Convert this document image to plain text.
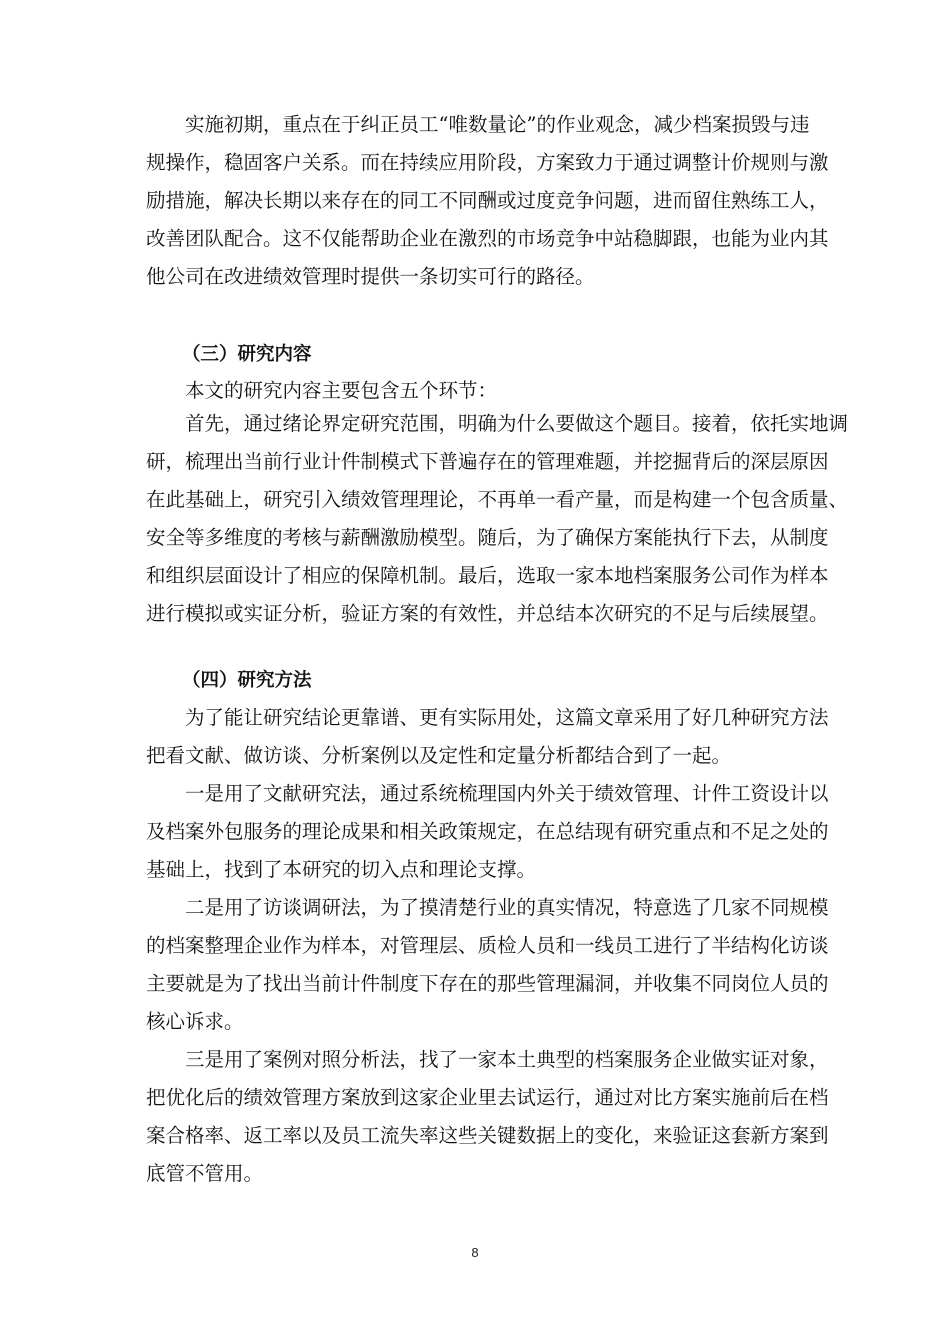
　　实施初期，重点在于纠正员工“唯数量论”的作业观念，减少档案损毁与违
规操作，稳固客户关系。而在持续应用阶段，方案致力于通过调整计价规则与激
励措施，解决长期以来存在的同工不同酬或过度竞争问题，进而留住熟练工人，
改善团队配合。这不仅能帮助企业在激烈的市场竞争中站稳脚跟，也能为业内其
他公司在改进绩效管理时提供一条切实可行的路径。
（三）研究内容
　　本文的研究内容主要包含五个环节：
　　首先，通过绪论界定研究范围，明确为什么要做这个题目。接着，依托实地调
研，梳理出当前行业计件制模式下普遍存在的管理难题，并挖掘背后的深层原因
在此基础上，研究引入绩效管理理论，不再单一看产量，而是构建一个包含质量、
安全等多维度的考核与薪酬激励模型。随后，为了确保方案能执行下去，从制度
和组织层面设计了相应的保障机制。最后，选取一家本地档案服务公司作为样本
进行模拟或实证分析，验证方案的有效性，并总结本次研究的不足与后续展望。
（四）研究方法
　　为了能让研究结论更靠谱、更有实际用处，这篇文章采用了好几种研究方法
把看文献、做访谈、分析案例以及定性和定量分析都结合到了一起。
　　一是用了文献研究法，通过系统梳理国内外关于绩效管理、计件工资设计以
及档案外包服务的理论成果和相关政策规定，在总结现有研究重点和不足之处的
基础上，找到了本研究的切入点和理论支撑。
　　二是用了访谈调研法，为了摸清楚行业的真实情况，特意选了几家不同规模
的档案整理企业作为样本，对管理层、质检人员和一线员工进行了半结构化访谈
主要就是为了找出当前计件制度下存在的那些管理漏洞，并收集不同岗位人员的
核心诉求。
　　三是用了案例对照分析法，找了一家本土典型的档案服务企业做实证对象，
把优化后的绩效管理方案放到这家企业里去试运行，通过对比方案实施前后在档
案合格率、返工率以及员工流失率这些关键数据上的变化，来验证这套新方案到
底管不管用。
8
